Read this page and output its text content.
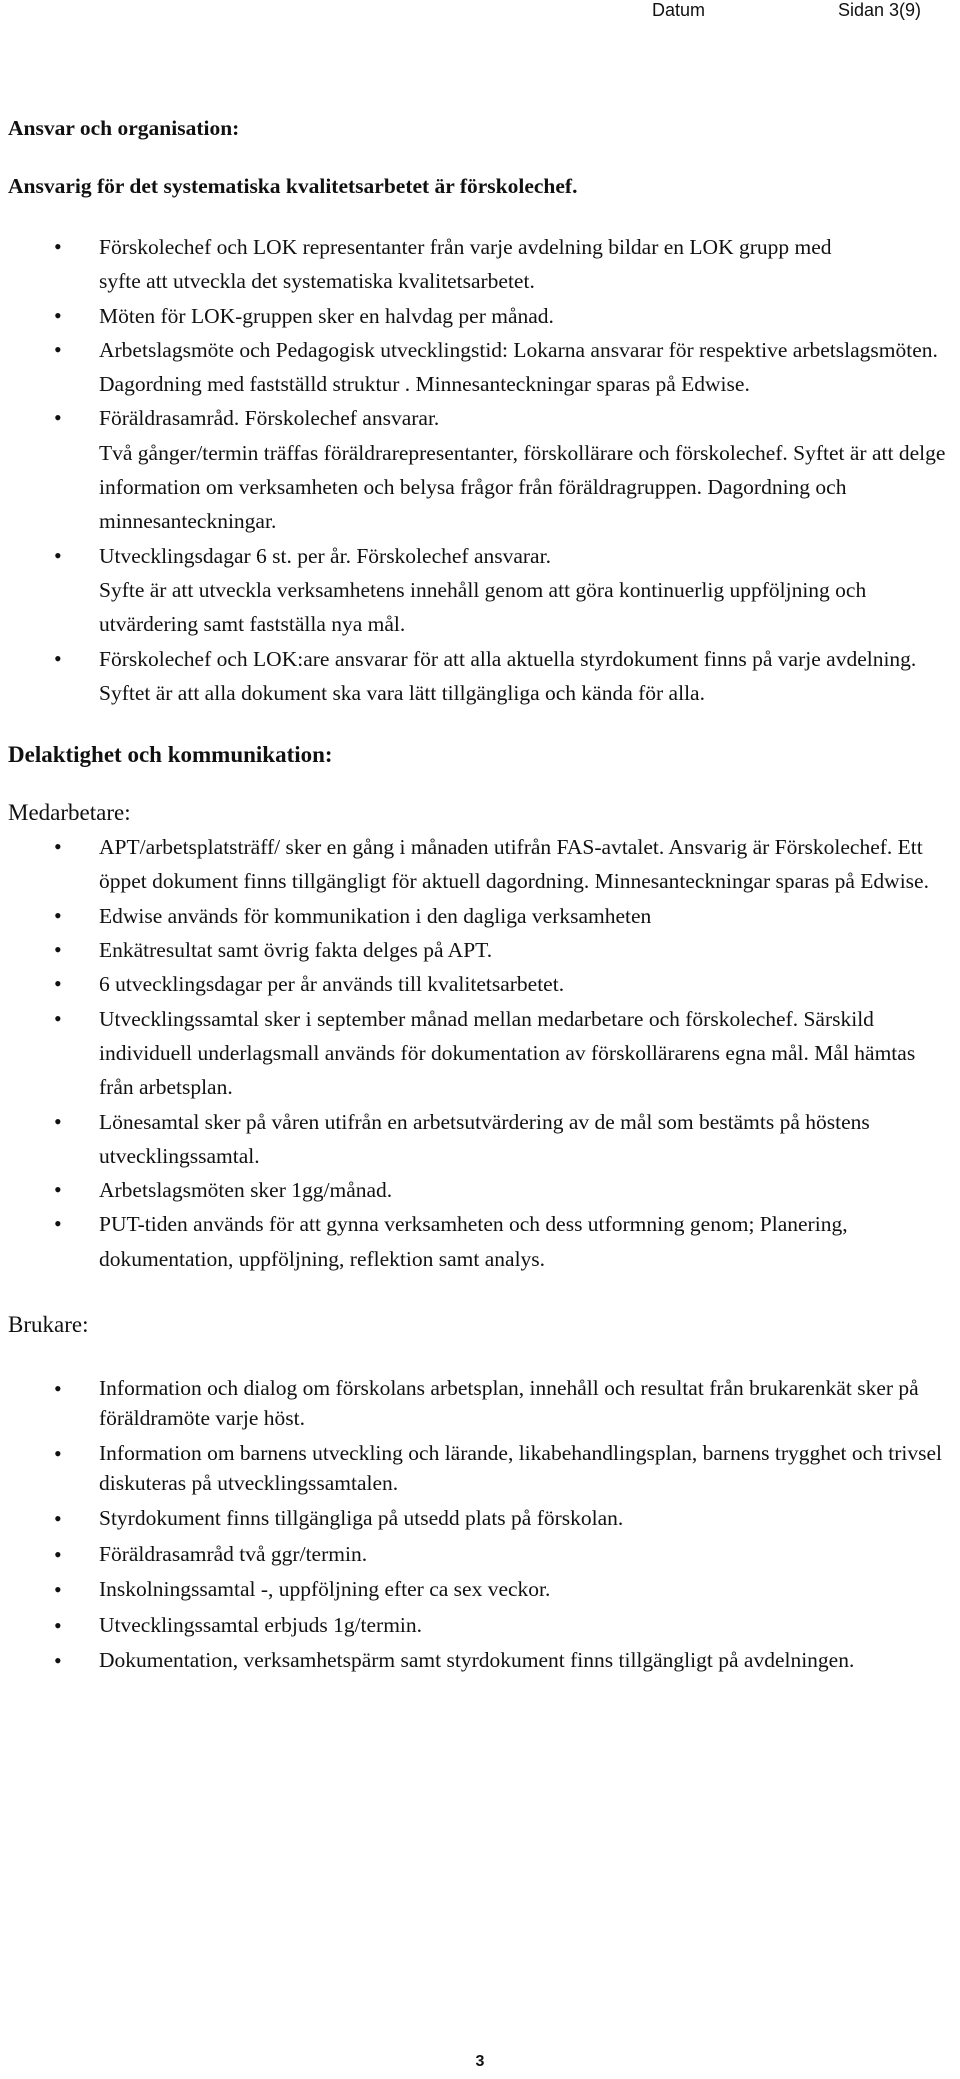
Datum	Sidan 3(9)
Ansvar och organisation:
Ansvarig för det systematiska kvalitetsarbetet är förskolechef.
• Förskolechef och LOK representanter från varje avdelning bildar en LOK grupp med syfte att utveckla det systematiska kvalitetsarbetet.
• Möten för LOK-gruppen sker en halvdag per månad.
• Arbetslagsmöte och Pedagogisk utvecklingstid: Lokarna ansvarar för respektive arbetslagsmöten. Dagordning med fastställd struktur . Minnesanteckningar sparas på Edwise.
• Föräldrasamråd. Förskolechef ansvarar.
Två gånger/termin träffas föräldrarepresentanter, förskollärare och förskolechef. Syftet är att delge information om verksamheten och belysa frågor från föräldragruppen. Dagordning och minnesanteckningar.
• Utvecklingsdagar 6 st. per år. Förskolechef ansvarar.
Syfte är att utveckla verksamhetens innehåll genom att göra kontinuerlig uppföljning och utvärdering samt fastställa nya mål.
• Förskolechef och LOK:are ansvarar för att alla aktuella styrdokument finns på varje avdelning. Syftet är att alla dokument ska vara lätt tillgängliga och kända för alla.
Delaktighet och kommunikation:
Medarbetare:
• APT/arbetsplatsträff/ sker en gång i månaden utifrån FAS-avtalet. Ansvarig är Förskolechef. Ett öppet dokument finns tillgängligt för aktuell dagordning. Minnesanteckningar sparas på Edwise.
• Edwise används för kommunikation i den dagliga verksamheten
• Enkätresultat samt övrig fakta delges på APT.
• 6 utvecklingsdagar per år används till kvalitetsarbetet.
• Utvecklingssamtal sker i september månad mellan medarbetare och förskolechef. Särskild individuell underlagsmall används för dokumentation av förskollärarens egna mål. Mål hämtas från arbetsplan.
• Lönesamtal sker på våren utifrån en arbetsutvärdering av de mål som bestämts på höstens utvecklingssamtal.
• Arbetslagsmöten sker 1gg/månad.
• PUT-tiden används för att gynna verksamheten och dess utformning genom; Planering, dokumentation, uppföljning, reflektion samt analys.
Brukare:
• Information och dialog om förskolans arbetsplan, innehåll och resultat från brukarenkät sker på föräldramöte varje höst.
• Information om barnens utveckling och lärande, likabehandlingsplan, barnens trygghet och trivsel diskuteras på utvecklingssamtalen.
• Styrdokument finns tillgängliga på utsedd plats på förskolan.
• Föräldrasamråd två ggr/termin.
• Inskolningssamtal -, uppföljning efter ca sex veckor.
• Utvecklingssamtal erbjuds 1g/termin.
• Dokumentation, verksamhetspärm samt styrdokument finns tillgängligt på avdelningen.
3
